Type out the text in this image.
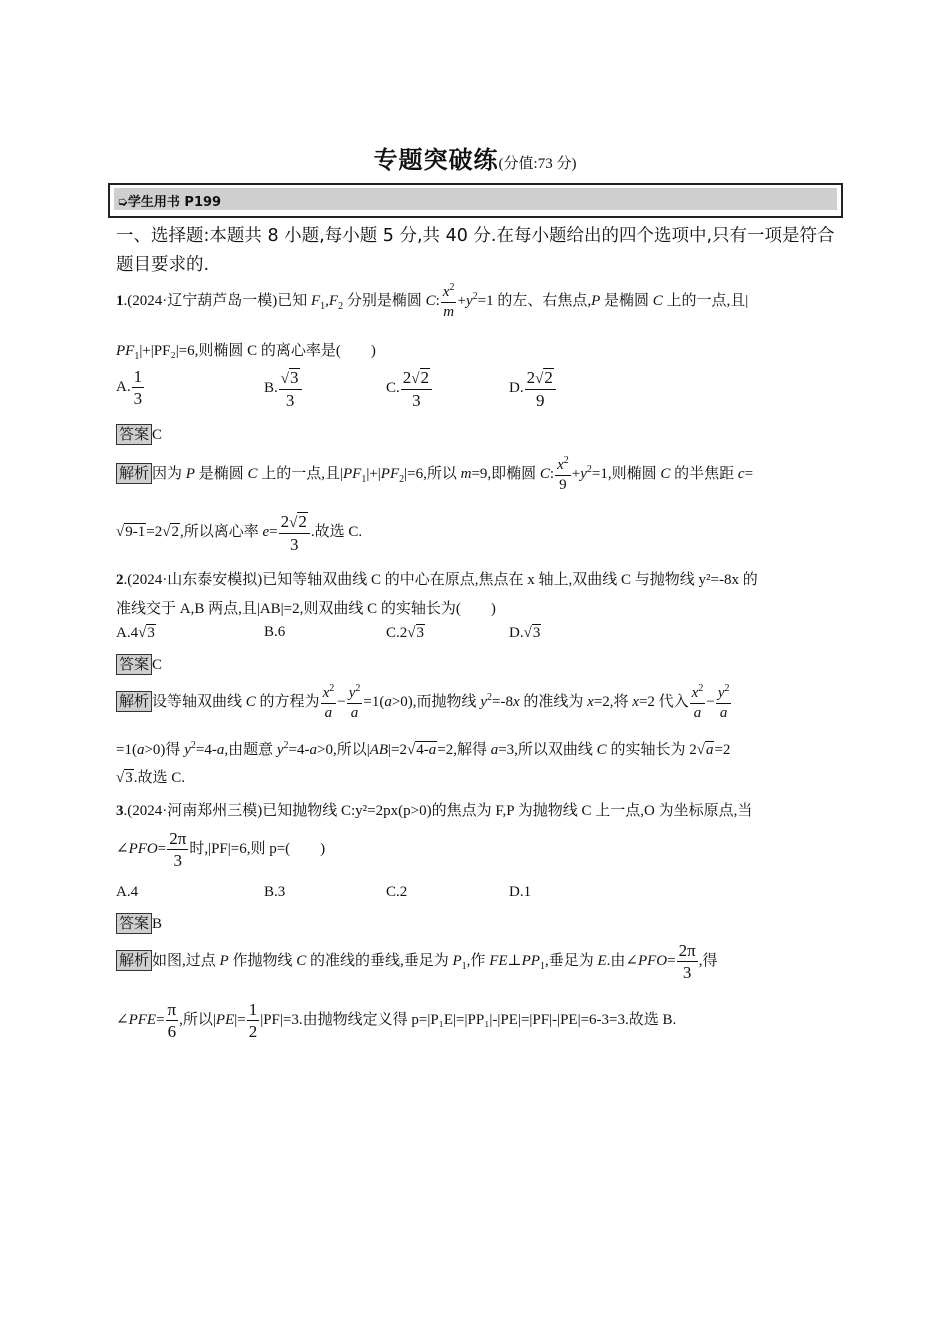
专题突破练(分值:73 分)
➭学生用书 P199
一、选择题:本题共 8 小题,每小题 5 分,共 40 分.在每小题给出的四个选项中,只有一项是符合题目要求的.
1.(2024·辽宁葫芦岛一模)已知 $F_1,F_2$ 分别是椭圆 C: $\frac{x^2}{m} +y^2=1$ 的左、右焦点,P 是椭圆 C 上的一点,且|
$PF_1|+|PF_2|=6$,则椭圆 C 的离心率是(　　)
A. $\frac{1}{3}$	B. $\frac{√3}{3}$	C. $\frac{2√2}{3}$	D. $\frac{2√2}{9}$
答案 C
解析 因为 P 是椭圆 C 上的一点,且$|PF_1|+|PF_2|=6$,所以 m=9,即椭圆 C: $\frac{x^2}{9} +y^2=1$,则椭圆 C 的半焦距 c=
√9-1=2√2,所以离心率 $e= \frac{2√2}{3}$ .故选 C.
2.(2024·山东泰安模拟)已知等轴双曲线 C 的中心在原点,焦点在 x 轴上,双曲线 C 与抛物线 y²=-8x 的
准线交于 A,B 两点,且|AB|=2,则双曲线 C 的实轴长为(　　)
A.4√3	B.6	C.2√3	D.√3
答案 C
解析 设等轴双曲线 C 的方程为 $\frac{x^2}{a} - \frac{y^2}{a} =1(a>0)$,而抛物线 $y^2=-8x$ 的准线为 x=2,将 x=2 代入 $\frac{x^2}{a} - \frac{y^2}{a}$
=1(a>0)得 $y^2=4-a$,由题意 $y^2=4-a>0$,所以|AB|=2√4-a=2,解得 a=3,所以双曲线 C 的实轴长为 2√a=2
√3.故选 C.
3.(2024·河南郑州三模)已知抛物线 C:y²=2px(p>0)的焦点为 F,P 为抛物线 C 上一点,O 为坐标原点,当
∠PFO= $\frac{2\pi}{3}$ 时,|PF|=6,则 p=(　　)
A.4	B.3	C.2	D.1
答案 B
解析 如图,过点 P 作抛物线 C 的准线的垂线,垂足为 $P_1$,作 $FE\perp PP_1$,垂足为 E.由∠PFO= $\frac{2\pi}{3}$ ,得
∠PFE= $\frac{\pi}{6}$ ,所以$|PE|= \frac{1}{2} |PF|=3$.由抛物线定义得 p=|P₁E|=|PP₁|-|PE|=|PF|-|PE|=6-3=3.故选 B.
